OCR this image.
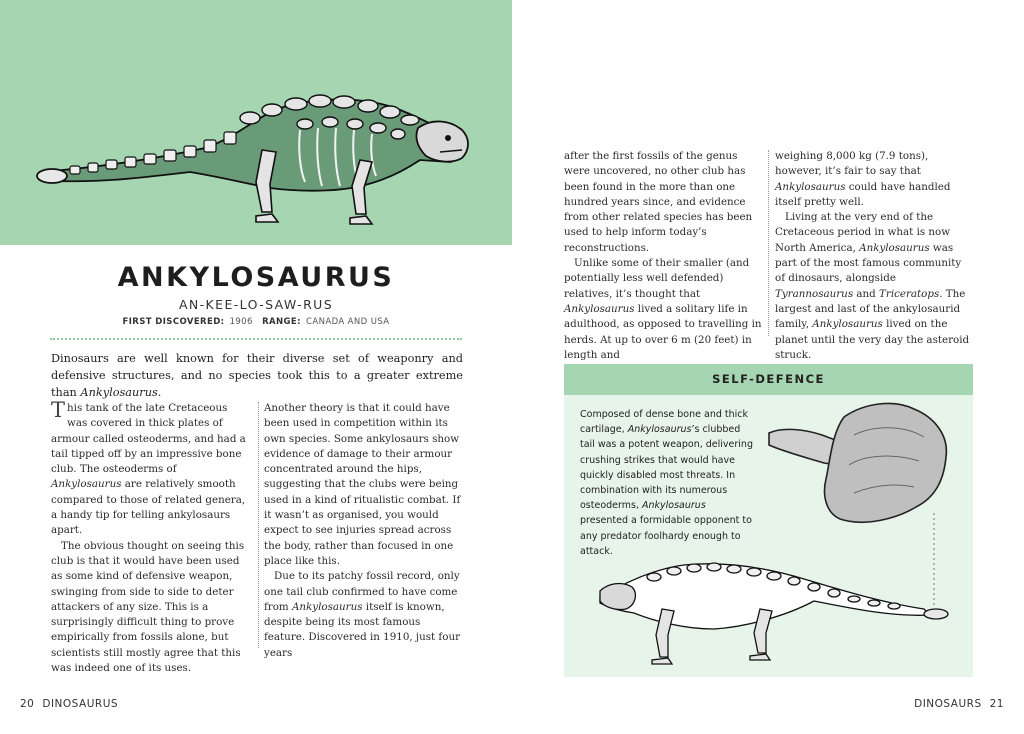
ANKYLOSAURUS
AN-KEE-LO-SAW-RUS
FIRST DISCOVERED: 1906 RANGE: CANADA AND USA
Dinosaurs are well known for their diverse set of weaponry and defensive structures, and no species took this to a greater extreme than Ankylosaurus.

This tank of the late Cretaceous was covered in thick plates of armour called osteoderms, and had a tail tipped off by an impressive bone club. The osteoderms of Ankylosaurus are relatively smooth compared to those of related genera, a handy tip for telling ankylosaurs apart.

The obvious thought on seeing this club is that it would have been used as some kind of defensive weapon, swinging from side to side to deter attackers of any size. This is a surprisingly difficult thing to prove empirically from fossils alone, but scientists still mostly agree that this was indeed one of its uses.

Another theory is that it could have been used in competition within its own species. Some ankylosaurs show evidence of damage to their armour concentrated around the hips, suggesting that the clubs were being used in a kind of ritualistic combat. If it wasn’t as organised, you would expect to see injuries spread across the body, rather than focused in one place like this.

Due to its patchy fossil record, only one tail club confirmed to have come from Ankylosaurus itself is known, despite being its most famous feature. Discovered in 1910, just four years

after the first fossils of the genus were uncovered, no other club has been found in the more than one hundred years since, and evidence from other related species has been used to help inform today’s reconstructions.

Unlike some of their smaller (and potentially less well defended) relatives, it’s thought that Ankylosaurus lived a solitary life in adulthood, as opposed to travelling in herds. At up to over 6 m (20 feet) in length and

weighing 8,000 kg (7.9 tons), however, it’s fair to say that Ankylosaurus could have handled itself pretty well.

Living at the very end of the Cretaceous period in what is now North America, Ankylosaurus was part of the most famous community of dinosaurs, alongside Tyrannosaurus and Triceratops. The largest and last of the ankylosaurid family, Ankylosaurus lived on the planet until the very day the asteroid struck.

SELF-DEFENCE
Composed of dense bone and thick cartilage, Ankylosaurus’s clubbed tail was a potent weapon, delivering crushing strikes that would have quickly disabled most threats. In combination with its numerous osteoderms, Ankylosaurus presented a formidable opponent to any predator foolhardy enough to attack.
20 DINOSAURUS	DINOSAURS 21
